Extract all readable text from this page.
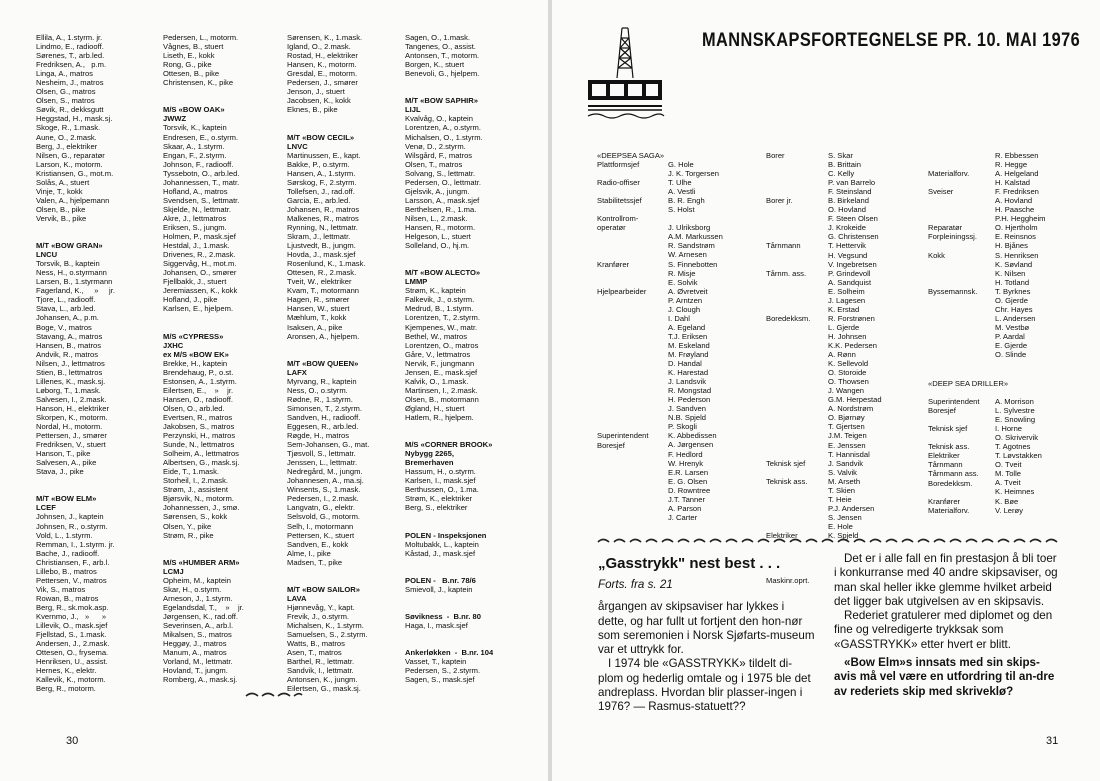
Ellila, A., 1.styrm. jr.
Lindmo, E., radiooff.
Sørenes, T., arb.led.
Fredriksen, A.,   p.m.
Linga, A., matros
Nesheim, J., matros
Olsen, G., matros
Olsen, S., matros
Søvik, R., dekksgutt
Heggstad, H., mask.sj.
Skoge, R., 1.mask.
Aune, O., 2.mask.
Berg, J., elektriker
Nilsen, G., reparatør
Larson, K., motorm.
Kristiansen, G., mot.m.
Solås, A., stuert
Vinje, T., kokk
Valen, A., hjelpemann
Olsen, B., pike
Vervik, B., pike

M/T «BOW GRAN»
LNCU
Torsvik, B., kaptein
Ness, H., o.styrmann
Larsen, B., 1.styrmann
Fagerland, K.,     »     jr.
Tjore, L., radiooff.
Stava, L., arb.led.
Johansen, A., p.m.
Boge, V., matros
Stavang, A., matros
Hansen, B., matros
Andvik, R., matros
Nilsen, J., lettmatros
Stien, B., lettmatros
Lillenes, K., mask.sj.
Løborg, T., 1.mask.
Salvesen, I., 2.mask.
Hanson, H., elektriker
Skorpen, K., motorm.
Nordal, H., motorm.
Pettersen, J., smører
Fredriksen, V., stuert
Hanson, T., pike
Salvesen, A., pike
Stava, J., pike

M/T «BOW ELM»
LCEF
Johnsen, J., kaptein
Johnsen, R., o.styrm.
Vold, L., 1.styrm.
Remman, I., 1.styrm. jr.
Bache, J., radiooff.
Christiansen, F., arb.l.
Lillebo, B., matros
Pettersen, V., matros
Vik, S., matros
Rowan, B., matros
Berg, R., sk.mok.asp.
Kvernmo, J.,   »      »
Lillevik, O., mask.sjef
Fjellstad, S., 1.mask.
Andersen, J., 2.mask.
Ottesen, O., frysema.
Henriksen, U., assist.
Hernes, K., elektr.
Kallevik, K., motorm.
Berg, R., motorm.
Pedersen, L., motorm.
Vågnes, B., stuert
Liseth, E., kokk
Rong, G., pike
Ottesen, B., pike
Christensen, K., pike

M/S «BOW OAK»
JWWZ
Torsvik, K., kaptein
Endresen, E., o.styrm.
Skaar, A., 1.styrm.
Engan, F., 2.styrm.
Johnson, F., radiooff.
Tyssebotn, O., arb.led.
Johannessen, T., matr.
Hofland, A., matros
Svendsen, S., lettmatr.
Skjelde, N., lettmatr.
Akre, J., lettmatros
Eriksen, S., jungm.
Holmen, P., mask.sjef
Hestdal, J., 1.mask.
Drivenes, R., 2.mask.
Siggervåg, H., mot.m.
Johansen, O., smører
Fjellbakk, J., stuert
Jeremiassen, K., kokk
Hofland, J., pike
Karlsen, E., hjelpem.

M/S «CYPRESS»
JXHC
ex M/S «BOW EK»
Brekke, H., kaptein
Brendehaug, P., o.st.
Estonsen, A., 1.styrm.
Eilertsen, E.,    »    jr.
Hansen, O., radiooff.
Olsen, O., arb.led.
Evertsen, R., matros
Jakobsen, S., matros
Perzynski, H., matros
Sunde, N., lettmatros
Solheim, A., lettmatros
Albertsen, G., mask.sj.
Eide, T., 1.mask.
Storheil, I., 2.mask.
Strøm, J., assistent
Bjørsvik, N., motorm.
Johannessen, J., smø.
Sørensen, S., kokk
Olsen, Y., pike
Strøm, R., pike

M/S «HUMBER ARM»
LCMJ
Opheim, M., kaptein
Skar, H., o.styrm.
Arneson, J., 1.styrm.
Egelandsdal, T.,    »    jr.
Jørgensen, K., rad.off.
Severinsen, A., arb.l.
Mikalsen, S., matros
Heggøy, J., matros
Manum, A., matros
Vorland, M., lettmatr.
Hovland, T., jungm.
Romberg, A., mask.sj.
Sørensen, K., 1.mask.
Igland, O., 2.mask.
Rostad, H., elektriker
Hansen, K., motorm.
Gresdal, E., motorm.
Pedersen, J., smører
Jenson, J., stuert
Jacobsen, K., kokk
Eknes, B., pike

M/T «BOW CECIL»
LNVC
Martinussen, E., kapt.
Bakke, P., o.styrm.
Hansen, A., 1.styrm.
Sørskog, F., 2.styrm.
Tollefsen, J., rad.off.
Garcia, E., arb.led.
Johansen, R., matros
Malkenes, R., matros
Rynning, N., lettmatr.
Skram, J., lettmatr.
Ljustvedt, B., jungm.
Hovda, J., mask.sjef
Rosenlund, K., 1.mask.
Ottesen, R., 2.mask.
Tveit, W., elektriker
Kvam, T., motormann
Hagen, R., smører
Hansen, W., stuert
Mæhlum, T., kokk
Isaksen, A., pike
Aronsen, A., hjelpem.

M/T «BOW QUEEN»
LAFX
Myrvang, R., kaptein
Ness, O., o.styrm.
Rødne, R., 1.styrm.
Simonsen, T., 2.styrm.
Sandven, H., radiooff.
Eggesen, R., arb.led.
Røgde, H., matros
Sem-Johansen, G., mat.
Tjøsvoll, S., lettmatr.
Jenssen, L., lettmatr.
Nedregård, M., jungm.
Johannesen, A., ma.sj.
Winsents, S., 1.mask.
Pedersen, I., 2.mask.
Langvatn, G., elektr.
Selsvold, G., motorm.
Selh, I., motormann
Pettersen, K., stuert
Sandven, E., kokk
Alme, I., pike
Madsen, T., pike

M/T «BOW SAILOR»
LAVA
Hjønnevåg, Y., kapt.
Frevik, J., o.styrm.
Michalsen, K., 1.styrm.
Samuelsen, S., 2.styrm.
Watts, B., matros
Asen, T., matros
Barthel, R., lettmatr.
Sandvik, I., lettmatr.
Antonsen, K., jungm.
Eilertsen, G., mask.sj.
Sagen, O., 1.mask.
Tangenes, O., assist.
Antonsen, T., motorm.
Borgen, K., stuert
Benevoli, G., hjelpem.

M/T «BOW SAPHIR»
LIJL
Kvalvåg, O., kaptein
Lorentzen, A., o.styrm.
Michalsen, O., 1.styrm.
Venø, D., 2.styrm.
Wilsgård, F., matros
Olsen, T., matros
Solvang, S., lettmatr.
Pedersen, O., lettmatr.
Gjelsvik, A., jungm.
Larsson, A., mask.sjef
Berthelsen, R., 1.ma.
Nilsen, L., 2.mask.
Hansen, R., motorm.
Helgeson, L., stuert
Solleland, O., hj.m.

M/T «BOW ALECTO»
LMMP
Strøm, K., kaptein
Falkevik, J., o.styrm.
Medrud, B., 1.styrm.
Lorentzen, T., 2.styrm.
Kjempenes, W., matr.
Bethel, W., matros
Lorentzen, O., matros
Gåre, V., lettmatros
Nervik, F., jungmann
Jensen, E., mask.sjef
Kalvik, O., 1.mask.
Martinsen, I., 2.mask.
Olsen, B., motormann
Øgland, H., stuert
Hatlem, R., hjelpem.

M/S «CORNER BROOK»
Nybygg 2265,
Bremerhaven
Hassum, H., o.styrm.
Karlsen, I., mask.sjef
Berthussen, O., 1.ma.
Strøm, K., elektriker
Berg, S., elektriker

POLEN - Inspeksjonen
Moltubakk, L., kaptein
Kåstad, J., mask.sjef

POLEN -   B.nr. 78/6
Smievoll, J., kaptein

Søvikness  -  B.nr. 80
Haga, I., mask.sjef

Ankerløkken  -  B.nr. 104
Vasset, T., kaptein
Pedersen, S., 2.styrm.
Sagen, S., mask.sjef
30
MANNSKAPSFORTEGNELSE PR. 10. MAI 1976
«DEEPSEA SAGA»
Plattformsjef

Radio-offiser

Stabilitetssjef

Kontrollrom-
operatør

Kranfører

Hjelpearbeider

Superintendent
Boresjef

G. Hole
J. K. Torgersen
T. Ulhe
A. Vestli
B. R. Engh
S. Holst

J. Ulriksborg
A.M. Markussen
R. Sandstrøm
W. Arnesen
S. Finnebotten
R. Misje
E. Solvik
A. Øvretveit
P. Arntzen
J. Clough
I. Dahl
A. Egeland
T.J. Eriksen
M. Eskeland
M. Frøyland
D. Handal
K. Harestad
J. Landsvik
R. Mongstad
H. Pederson
J. Sandven
N.B. Spjeld
P. Skogli
K. Abbedissen
A. Jørgensen
F. Hedlord
W. Hrenyk
E.R. Larsen
E. G. Olsen
D. Rowntree
J.T. Tanner
A. Parson
J. Carter
Borer

Borer jr.

Tårnmann

Tårnm. ass.

Boredekksm.

Teknisk sjef

Teknisk ass.

Elektriker

Maskinr.oprt.

S. Skar
B. Brittain
C. Kelly
P. van Barrelo
F. Steinsland
B. Birkeland
O. Hovland
F. Steen Olsen
J. Krokeide
G. Christensen
T. Hettervik
H. Vegsund
V. Ingebretsen
P. Grindevoll
A. Sandquist
E. Solheim
J. Lagesen
K. Erstad
R. Forstrønen
L. Gjerde
H. Johnsen
K.K. Pedersen
A. Rønn
K. Sellevold
O. Storoide
O. Thowsen
J. Wangen
G.M. Herpestad
A. Nordstrøm
O. Bjørnøy
T. Gjertsen
J.M. Teigen
E. Jenssen
T. Hannisdal
J. Sandvik
S. Valvik
M. Arseth
T. Skien
T. Heie
P.J. Andersen
S. Jensen
E. Hole
K. Spjeld

Materialforv.

Sveiser

Reparatør
Forpleiningssj.

Kokk

Byssemannsk.

R. Ebbessen
R. Hegge
A. Helgeland
H. Kalstad
F. Fredriksen
A. Hovland
H. Paasche
P.H. Heggheim
O. Hjertholm
E. Reinsnos
H. Bjånes
S. Henriksen
K. Søvland
K. Nilsen
H. Totland
T. Byrknes
O. Gjerde
Chr. Hayes
L. Andersen
M. Vestbø
P. Aardal
E. Gjerde
O. Slinde
«DEEP SEA DRILLER»

Superintendent
Boresjef

Teknisk sjef

Teknisk ass.
Elektriker
Tårnmann
Tårnmann ass.
Boredekksm.

Kranfører
Materialforv.
A. Morrison
L. Sylvestre
E. Snowling
I. Horne
O. Skrivervik
T. Agotnes
T. Løvstakken
O. Tveit
M. Tolle
A. Tveit
K. Heimnes
K. Bøe
V. Lerøy
„Gasstrykk" nest best . . .

Forts. fra s. 21

årgangen av skipsaviser har lykkes i dette, og har fullt ut fortjent den hon-nør som seremonien i Norsk Sjøfarts-museum var et uttrykk for.

I 1974 ble «GASSTRYKK» tildelt di-plom og hederlig omtale og i 1975 ble det andreplass. Hvordan blir plasser-ingen i 1976? — Rasmus-statuett??

Det er i alle fall en fin prestasjon å bli toer i konkurranse med 40 andre skipsaviser, og man skal heller ikke glemme hvilket arbeid det ligger bak utgivelsen av en skipsavis.

Rederiet gratulerer med diplomet og den fine og velredigerte trykksak som «GASSTRYKK» etter hvert er blitt.

«Bow Elm»s innsats med sin skips-avis må vel være en utfordring til an-dre av rederiets skip med skriveklø?

31
